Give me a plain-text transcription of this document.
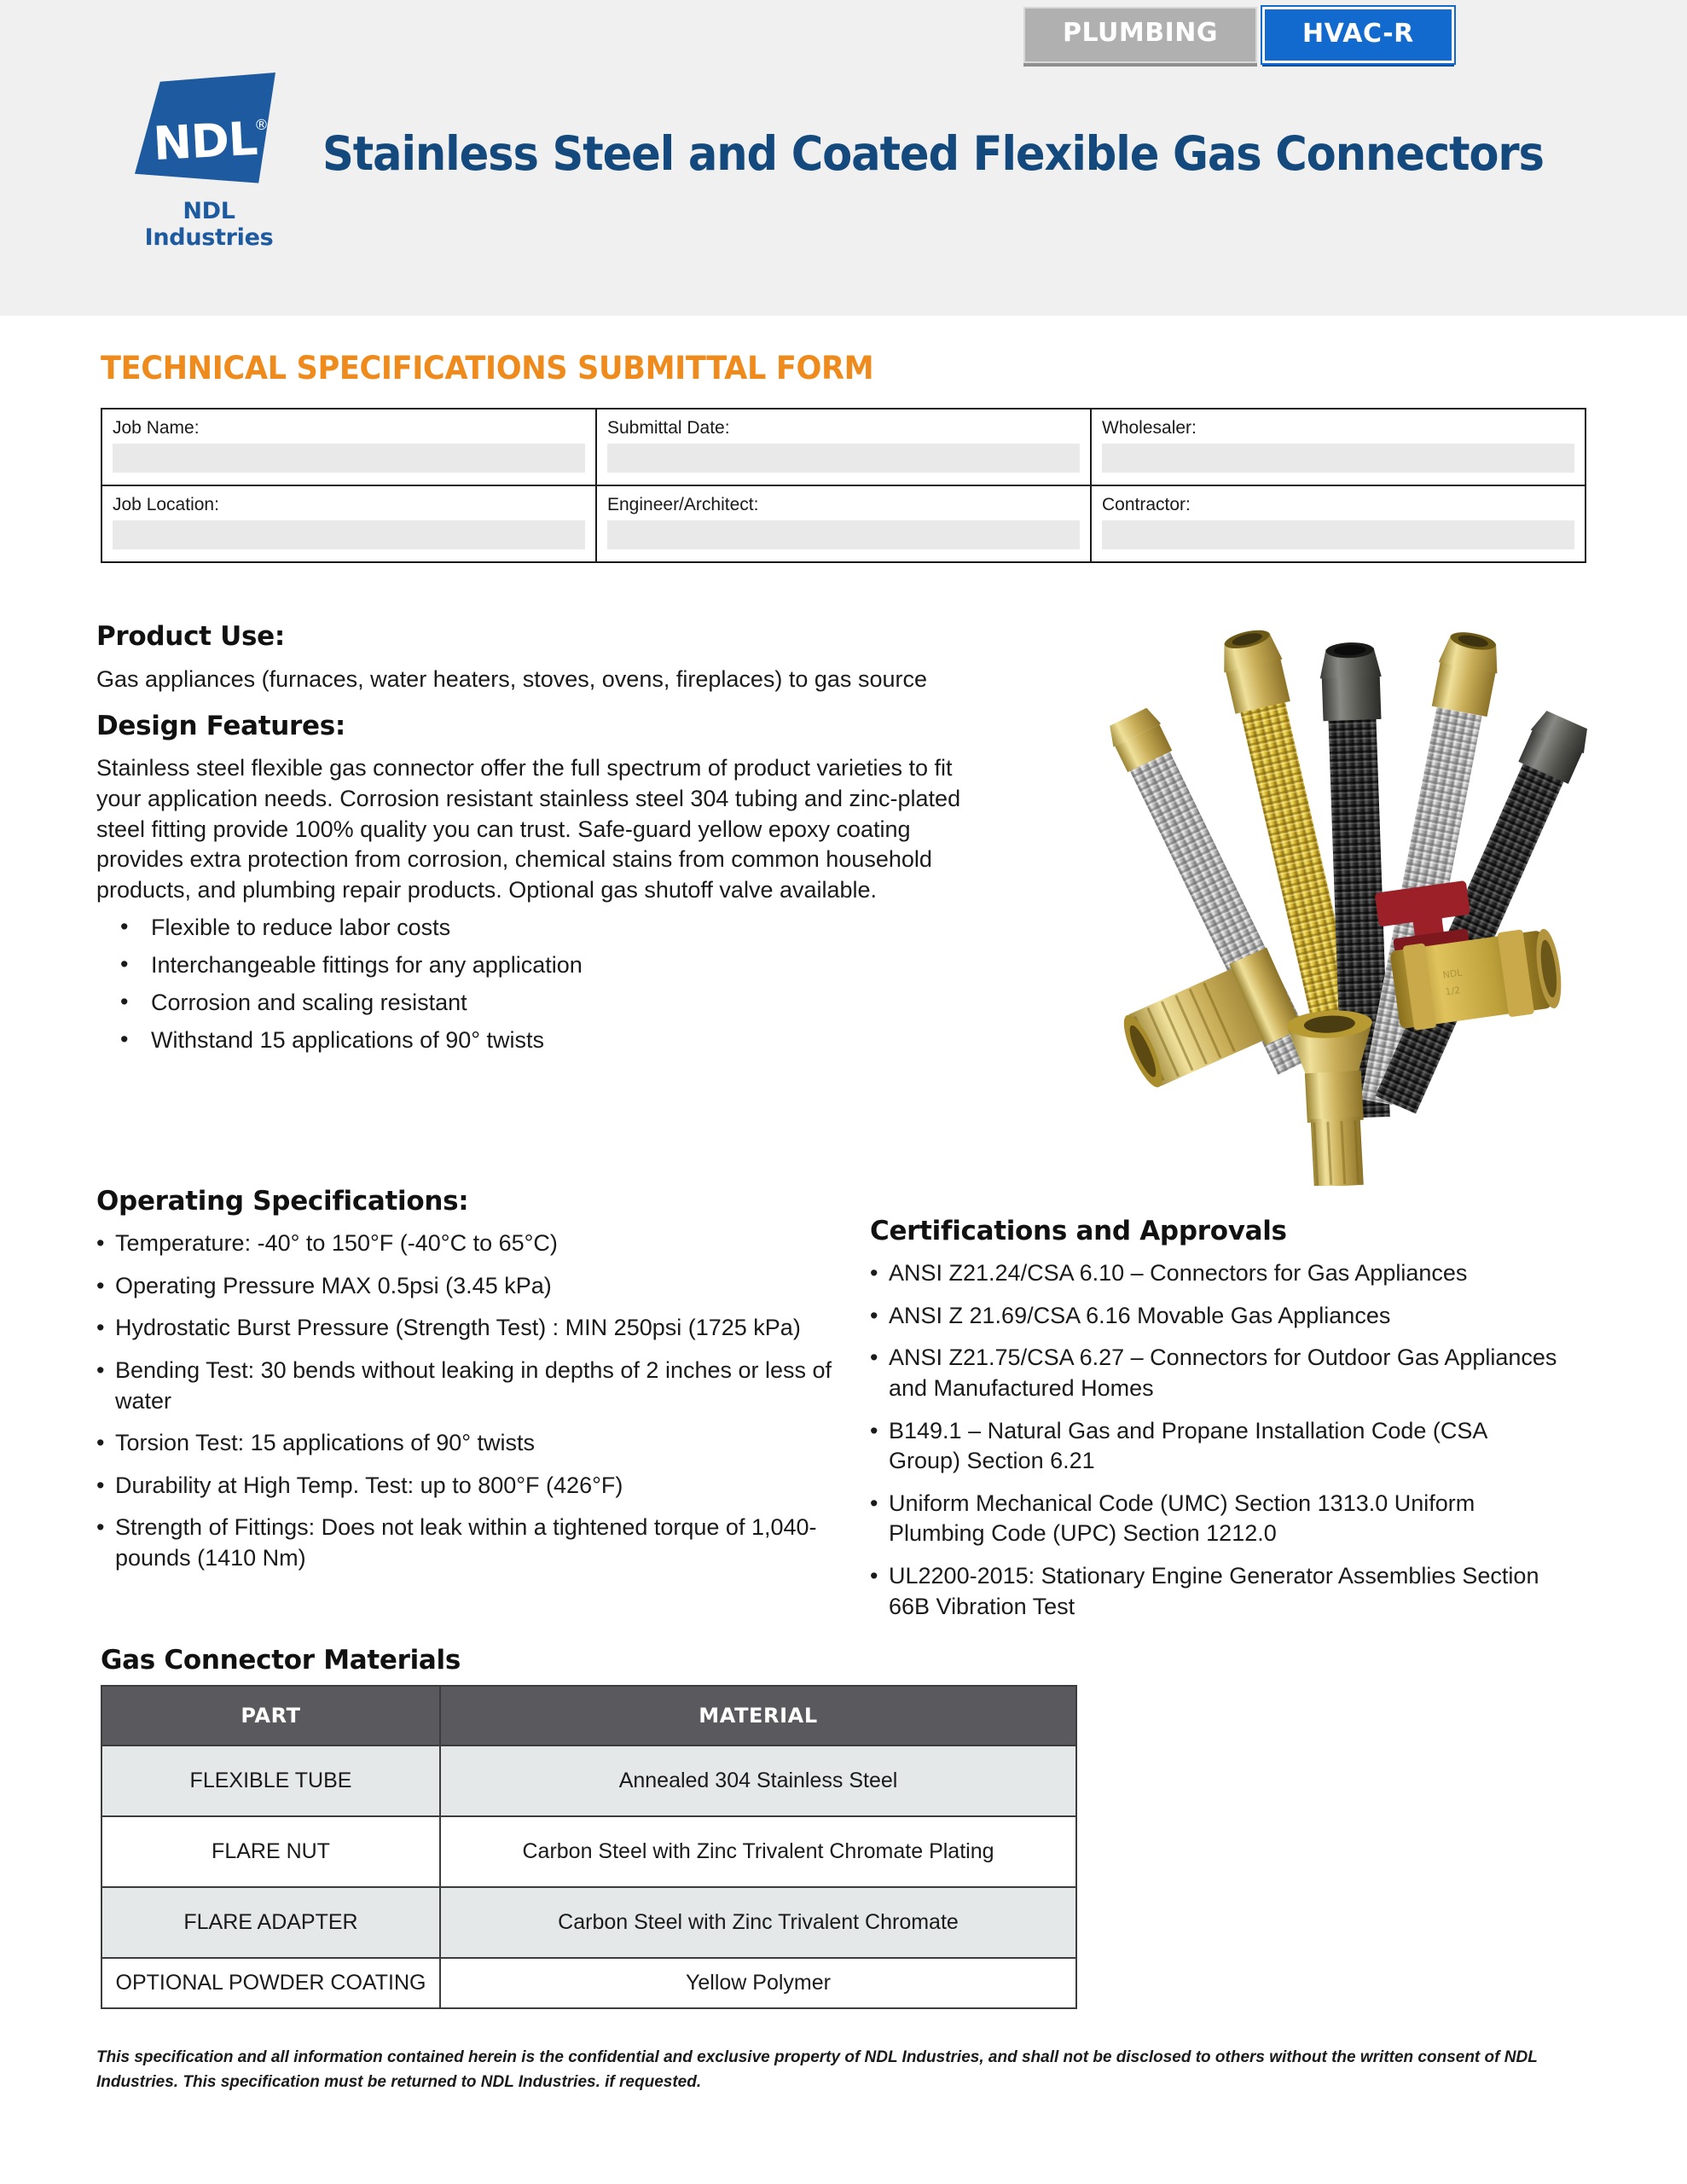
PLUMBING	HVAC-R
NDL
®
NDL Industries
Stainless Steel and Coated Flexible Gas Connectors
TECHNICAL SPECIFICATIONS SUBMITTAL FORM
Job Name:	Submittal Date:	Wholesaler:

Job Location:	Engineer/Architect:	Contractor:
Product Use:

Gas appliances (furnaces, water heaters, stoves, ovens, fireplaces) to gas source

Design Features:

Stainless steel flexible gas connector offer the full spectrum of product varieties to fit your application needs. Corrosion resistant stainless steel 304 tubing and zinc-plated steel fitting provide 100% quality you can trust. Safe-guard yellow epoxy coating provides extra protection from corrosion, chemical stains from common household products, and plumbing repair products. Optional gas shutoff valve available.

• Flexible to reduce labor costs
• Interchangeable fittings for any application
• Corrosion and scaling resistant
• Withstand 15 applications of 90° twists
NDL
1/2
Operating Specifications:
• Temperature: -40° to 150°F (-40°C to 65°C)
• Operating Pressure MAX 0.5psi (3.45 kPa)
• Hydrostatic Burst Pressure (Strength Test) : MIN 250psi (1725 kPa)
• Bending Test: 30 bends without leaking in depths of 2 inches or less of water
• Torsion Test: 15 applications of 90° twists
• Durability at High Temp. Test: up to 800°F (426°F)
• Strength of Fittings: Does not leak within a tightened torque of 1,040-pounds (1410 Nm)
Certifications and Approvals
• ANSI Z21.24/CSA 6.10 – Connectors for Gas Appliances
• ANSI Z 21.69/CSA 6.16 Movable Gas Appliances
• ANSI Z21.75/CSA 6.27 – Connectors for Outdoor Gas Appliances and Manufactured Homes
• B149.1 – Natural Gas and Propane Installation Code (CSA Group) Section 6.21
• Uniform Mechanical Code (UMC) Section 1313.0 Uniform Plumbing Code (UPC) Section 1212.0
• UL2200-2015: Stationary Engine Generator Assemblies Section 66B Vibration Test
Gas Connector Materials
PART	MATERIAL
FLEXIBLE TUBE	Annealed 304 Stainless Steel
FLARE NUT	Carbon Steel with Zinc Trivalent Chromate Plating
FLARE ADAPTER	Carbon Steel with Zinc Trivalent Chromate
OPTIONAL POWDER COATING	Yellow Polymer
This specification and all information contained herein is the confidential and exclusive property of NDL Industries, and shall not be disclosed to others without the written consent of NDL Industries. This specification must be returned to NDL Industries. if requested.
